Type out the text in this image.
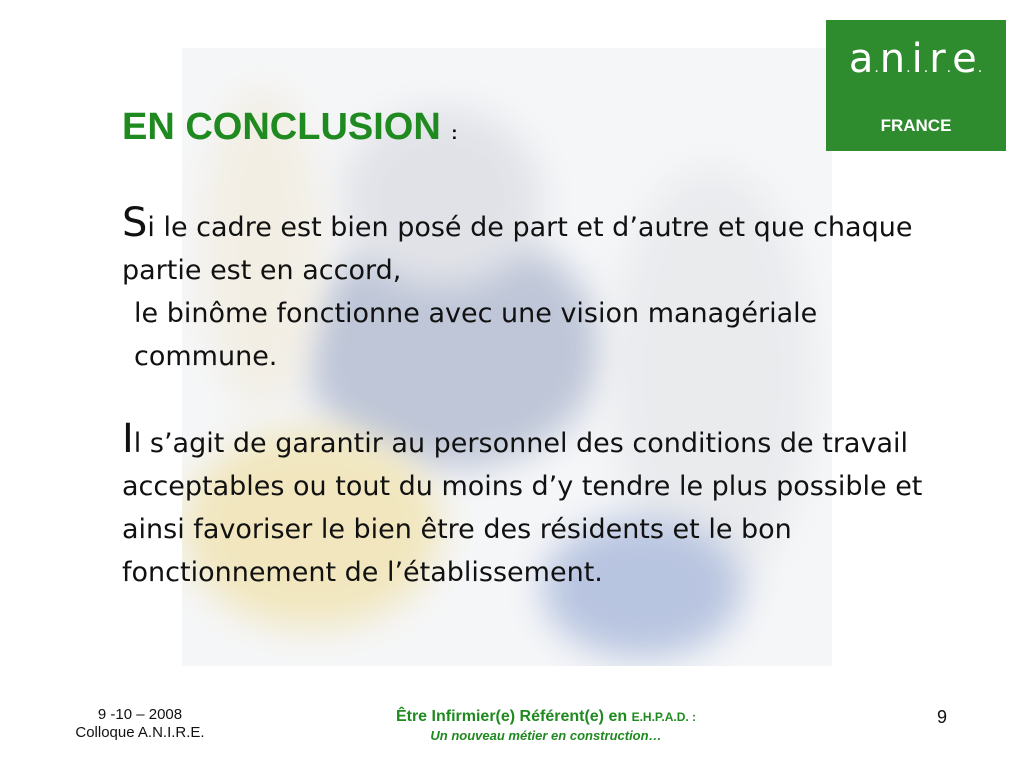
a.n.i.r.e.
FRANCE
EN CONCLUSION :
Si le cadre est bien posé de part et d’autre et que chaque partie est en accord,
le binôme fonctionne avec une vision managériale commune.
Il s’agit de garantir au personnel des conditions de travail acceptables ou tout du moins d’y tendre le plus possible et ainsi favoriser le bien être des résidents et le bon fonctionnement de l’établissement.
9 -10 – 2008
Colloque A.N.I.R.E.
Être Infirmier(e) Référent(e) en E.H.P.A.D. :
Un nouveau métier en construction…
9
